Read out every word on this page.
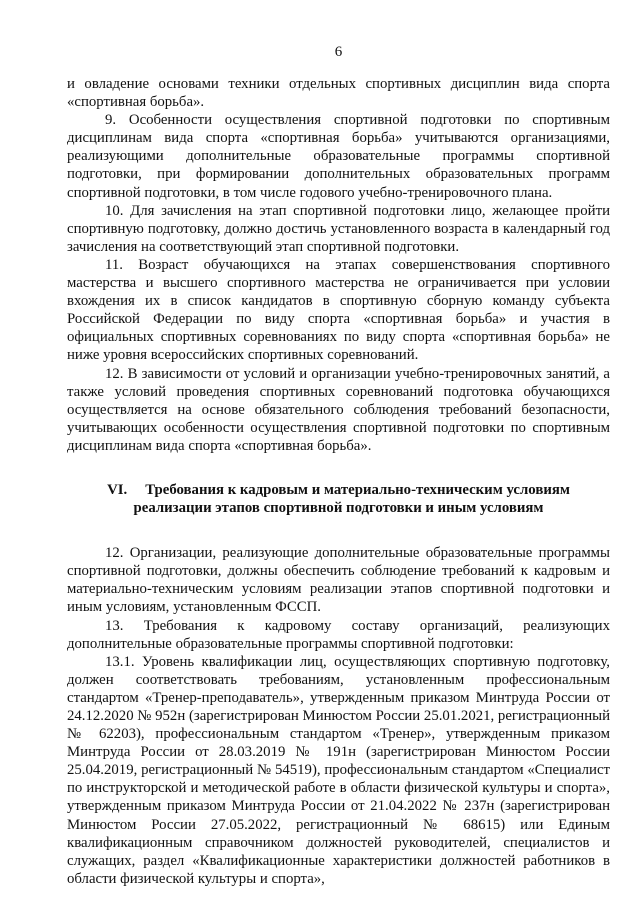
6

и овладение основами техники отдельных спортивных дисциплин вида спорта «спортивная борьба».

9. Особенности осуществления спортивной подготовки по спортивным дисциплинам вида спорта «спортивная борьба» учитываются организациями, реализующими дополнительные образовательные программы спортивной подготовки, при формировании дополнительных образовательных программ спортивной подготовки, в том числе годового учебно-тренировочного плана.

10. Для зачисления на этап спортивной подготовки лицо, желающее пройти спортивную подготовку, должно достичь установленного возраста в календарный год зачисления на соответствующий этап спортивной подготовки.

11. Возраст обучающихся на этапах совершенствования спортивного мастерства и высшего спортивного мастерства не ограничивается при условии вхождения их в список кандидатов в спортивную сборную команду субъекта Российской Федерации по виду спорта «спортивная борьба» и участия в официальных спортивных соревнованиях по виду спорта «спортивная борьба» не ниже уровня всероссийских спортивных соревнований.

12. В зависимости от условий и организации учебно-тренировочных занятий, а также условий проведения спортивных соревнований подготовка обучающихся осуществляется на основе обязательного соблюдения требований безопасности, учитывающих особенности осуществления спортивной подготовки по спортивным дисциплинам вида спорта «спортивная борьба».

VI. Требования к кадровым и материально-техническим условиям
реализации этапов спортивной подготовки и иным условиям

12. Организации, реализующие дополнительные образовательные программы спортивной подготовки, должны обеспечить соблюдение требований к кадровым и материально-техническим условиям реализации этапов спортивной подготовки и иным условиям, установленным ФССП.

13. Требования к кадровому составу организаций, реализующих дополнительные образовательные программы спортивной подготовки:

13.1. Уровень квалификации лиц, осуществляющих спортивную подготовку, должен соответствовать требованиям, установленным профессиональным стандартом «Тренер-преподаватель», утвержденным приказом Минтруда России от 24.12.2020 № 952н (зарегистрирован Минюстом России 25.01.2021, регистрационный № 62203), профессиональным стандартом «Тренер», утвержденным приказом Минтруда России от 28.03.2019 № 191н (зарегистрирован Минюстом России 25.04.2019, регистрационный № 54519), профессиональным стандартом «Специалист по инструкторской и методической работе в области физической культуры и спорта», утвержденным приказом Минтруда России от 21.04.2022 № 237н (зарегистрирован Минюстом России 27.05.2022, регистрационный № 68615) или Единым квалификационным справочником должностей руководителей, специалистов и служащих, раздел «Квалификационные характеристики должностей работников в области физической культуры и спорта»,
